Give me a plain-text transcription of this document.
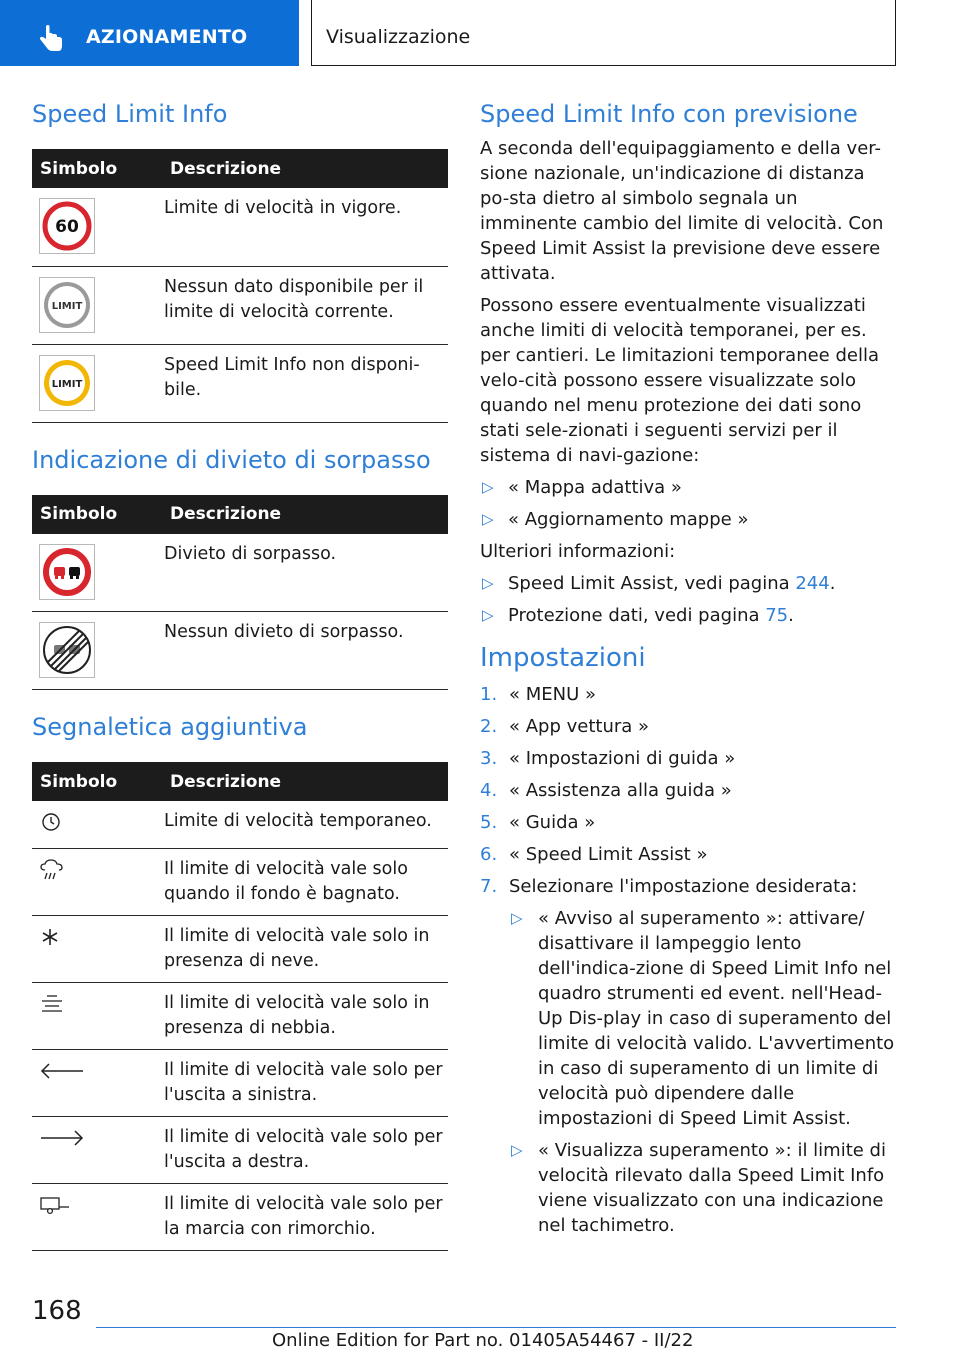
AZIONAMENTO	Visualizzazione
Speed Limit Info
Simbolo	Descrizione

60	Limite di velocità in vigore.

LIMIT	Nessun dato disponibile per il limite di velocità corrente.

LIMIT	Speed Limit Info non disponi-bile.
Indicazione di divieto di sorpasso
Simbolo	Descrizione

	Divieto di sorpasso.

	Nessun divieto di sorpasso.
Segnaletica aggiuntiva
Simbolo	Descrizione
	Limite di velocità temporaneo.
	Il limite di velocità vale solo quando il fondo è bagnato.
	Il limite di velocità vale solo in presenza di neve.
	Il limite di velocità vale solo in presenza di nebbia.
	Il limite di velocità vale solo per l'uscita a sinistra.
	Il limite di velocità vale solo per l'uscita a destra.
	Il limite di velocità vale solo per la marcia con rimorchio.
Speed Limit Info con previsione

A seconda dell'equipaggiamento e della ver-sione nazionale, un'indicazione di distanza po-sta dietro al simbolo segnala un imminente cambio del limite di velocità. Con Speed Limit Assist la previsione deve essere attivata.

Possono essere eventualmente visualizzati anche limiti di velocità temporanei, per es. per cantieri. Le limitazioni temporanee della velo-cità possono essere visualizzate solo quando nel menu protezione dei dati sono stati sele-zionati i seguenti servizi per il sistema di navi-gazione:

▷ « Mappa adattiva »
▷ « Aggiornamento mappe »

Ulteriori informazioni:

▷ Speed Limit Assist, vedi pagina 244.
▷ Protezione dati, vedi pagina 75.
Impostazioni
1. « MENU »
2. « App vettura »
3. « Impostazioni di guida »
4. « Assistenza alla guida »
5. « Guida »
6. « Speed Limit Assist »
7. Selezionare l'impostazione desiderata:
▷ « Avviso al superamento »: attivare/ disattivare il lampeggio lento dell'indica-zione di Speed Limit Info nel quadro strumenti ed event. nell'Head-Up Dis-play in caso di superamento del limite di velocità valido. L'avvertimento in caso di superamento di un limite di velocità può dipendere dalle impostazioni di Speed Limit Assist.
▷ « Visualizza superamento »: il limite di velocità rilevato dalla Speed Limit Info viene visualizzato con una indicazione nel tachimetro.
168
Online Edition for Part no. 01405A54467 - II/22
